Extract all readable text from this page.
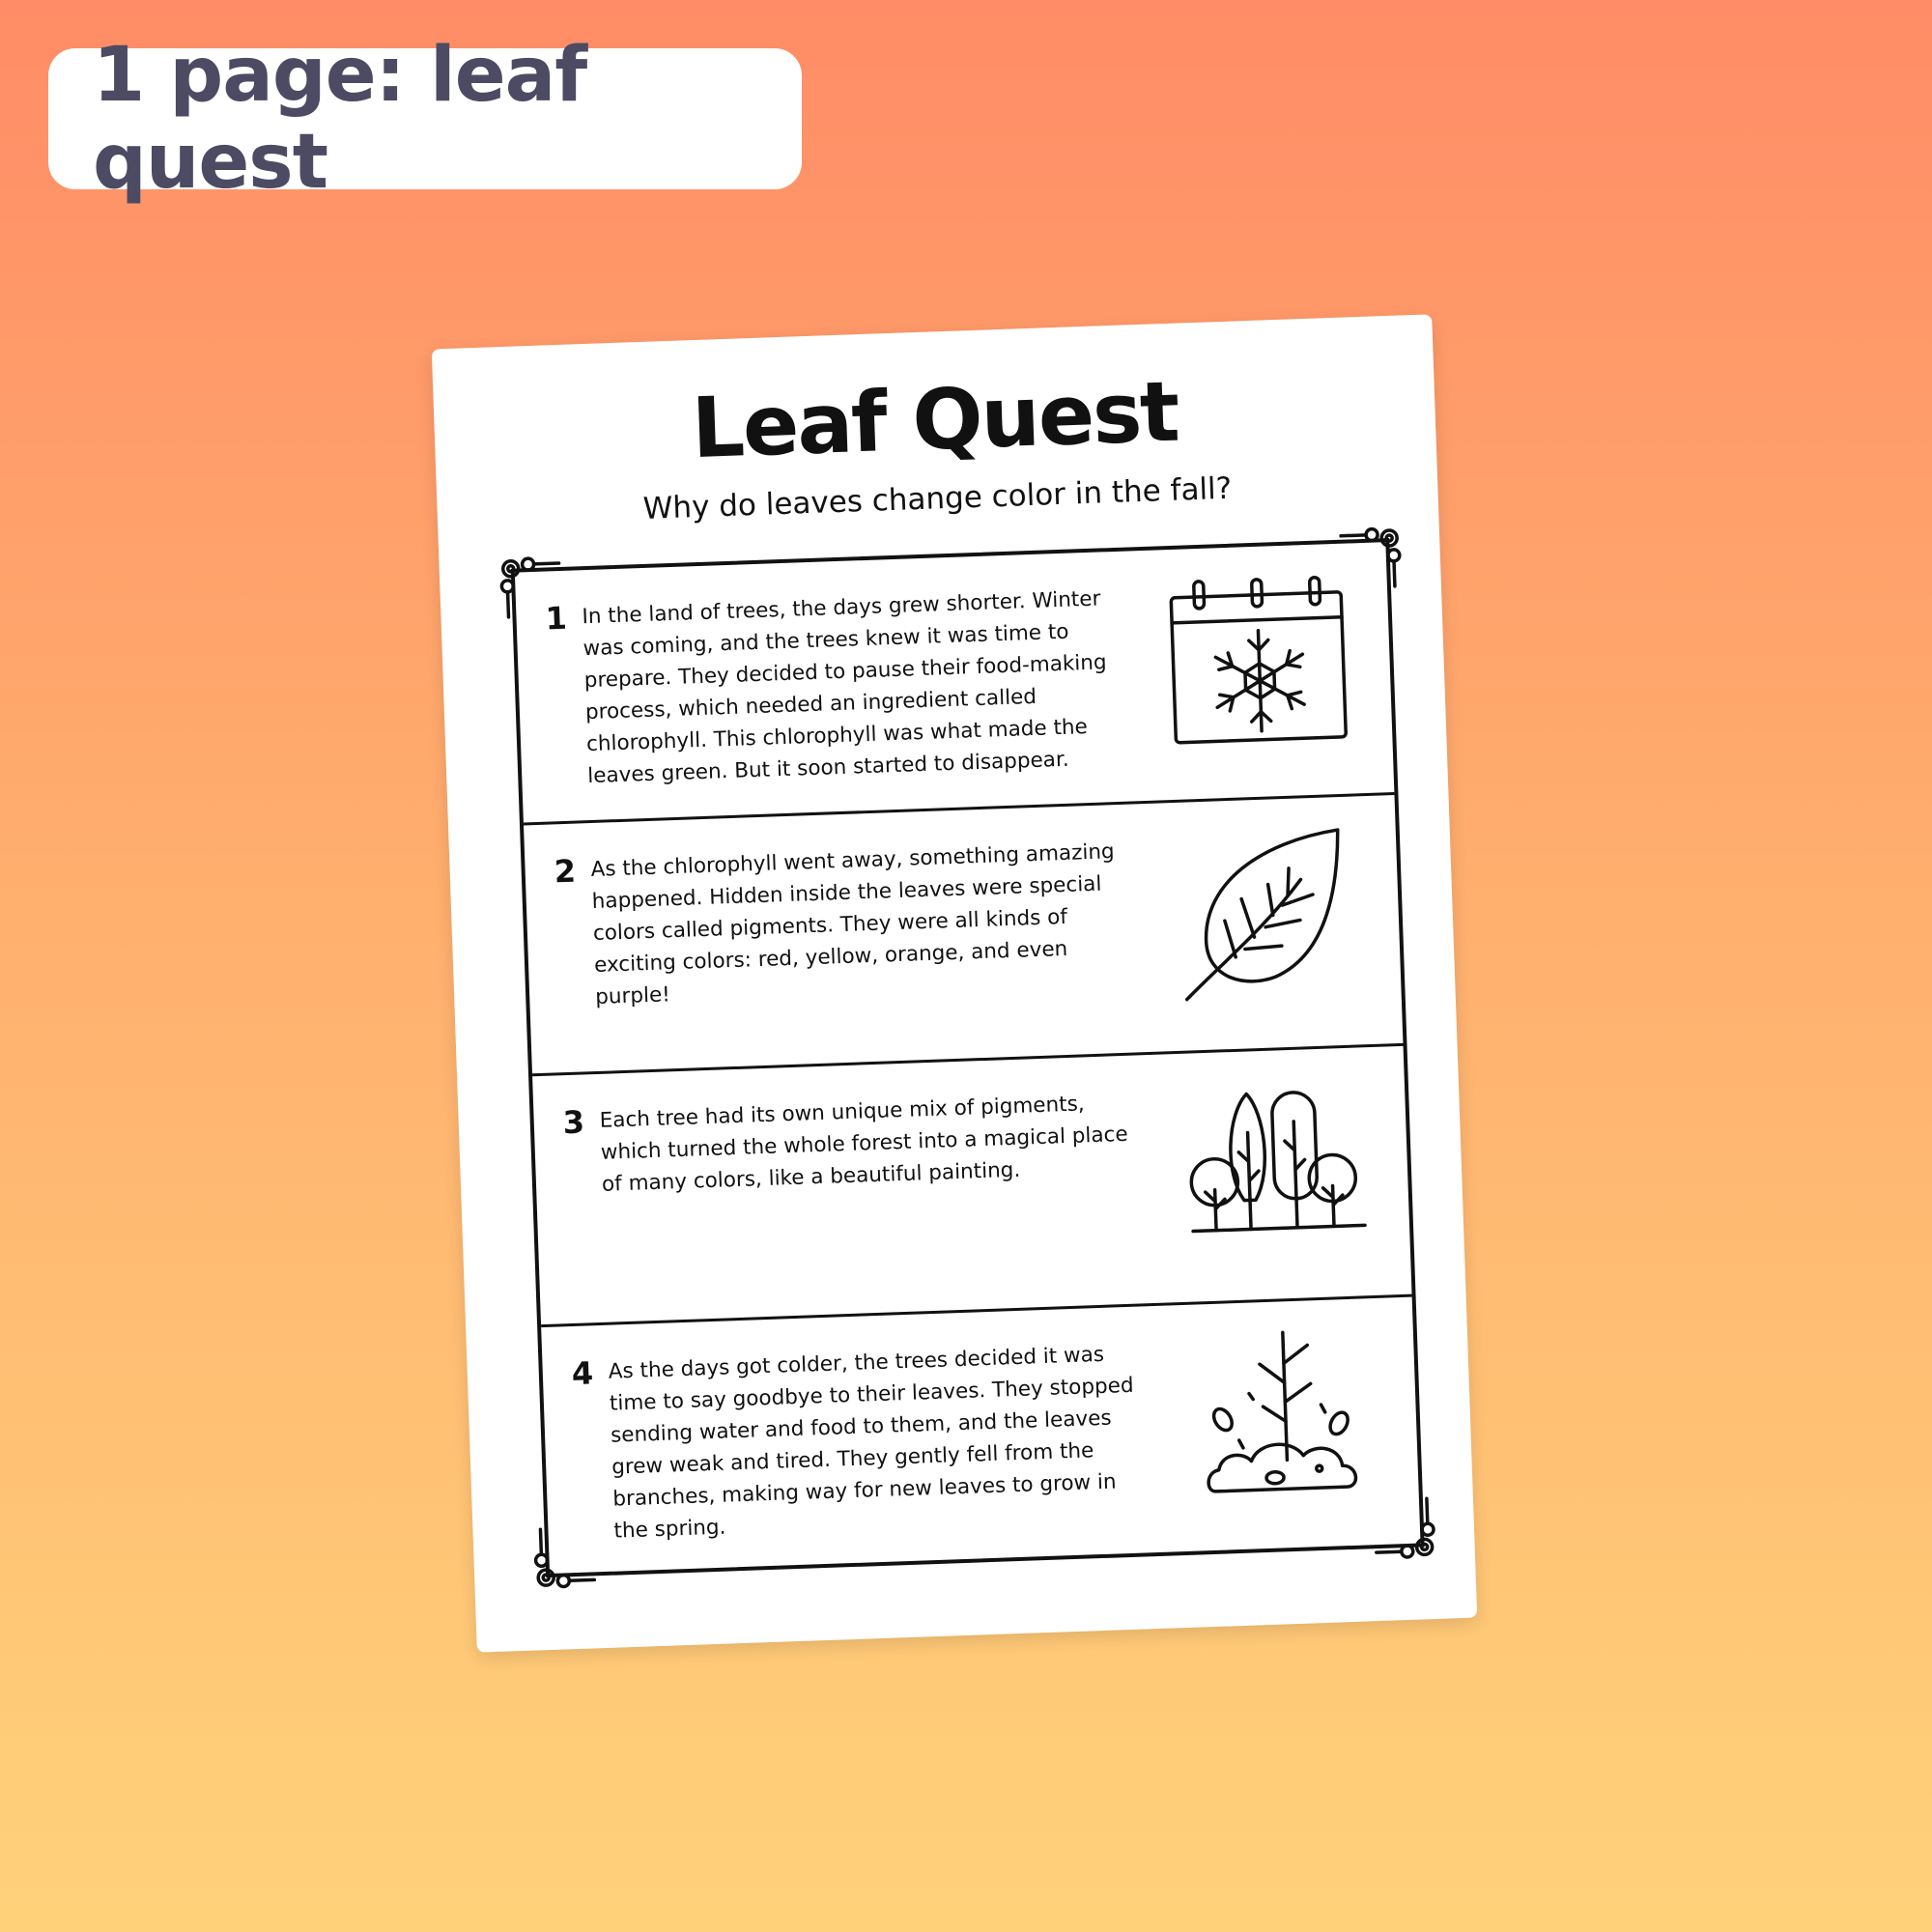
1 page: leaf quest
Leaf Quest
Why do leaves change color in the fall?
1 In the land of trees, the days grew shorter. Winter was coming, and the trees knew it was time to prepare. They decided to pause their food-making process, which needed an ingredient called chlorophyll. This chlorophyll was what made the leaves green. But it soon started to disappear.

2 As the chlorophyll went away, something amazing happened. Hidden inside the leaves were special colors called pigments. They were all kinds of exciting colors: red, yellow, orange, and even purple!

3 Each tree had its own unique mix of pigments, which turned the whole forest into a magical place of many colors, like a beautiful painting.

4 As the days got colder, the trees decided it was time to say goodbye to their leaves. They stopped sending water and food to them, and the leaves grew weak and tired. They gently fell from the branches, making way for new leaves to grow in the spring.
